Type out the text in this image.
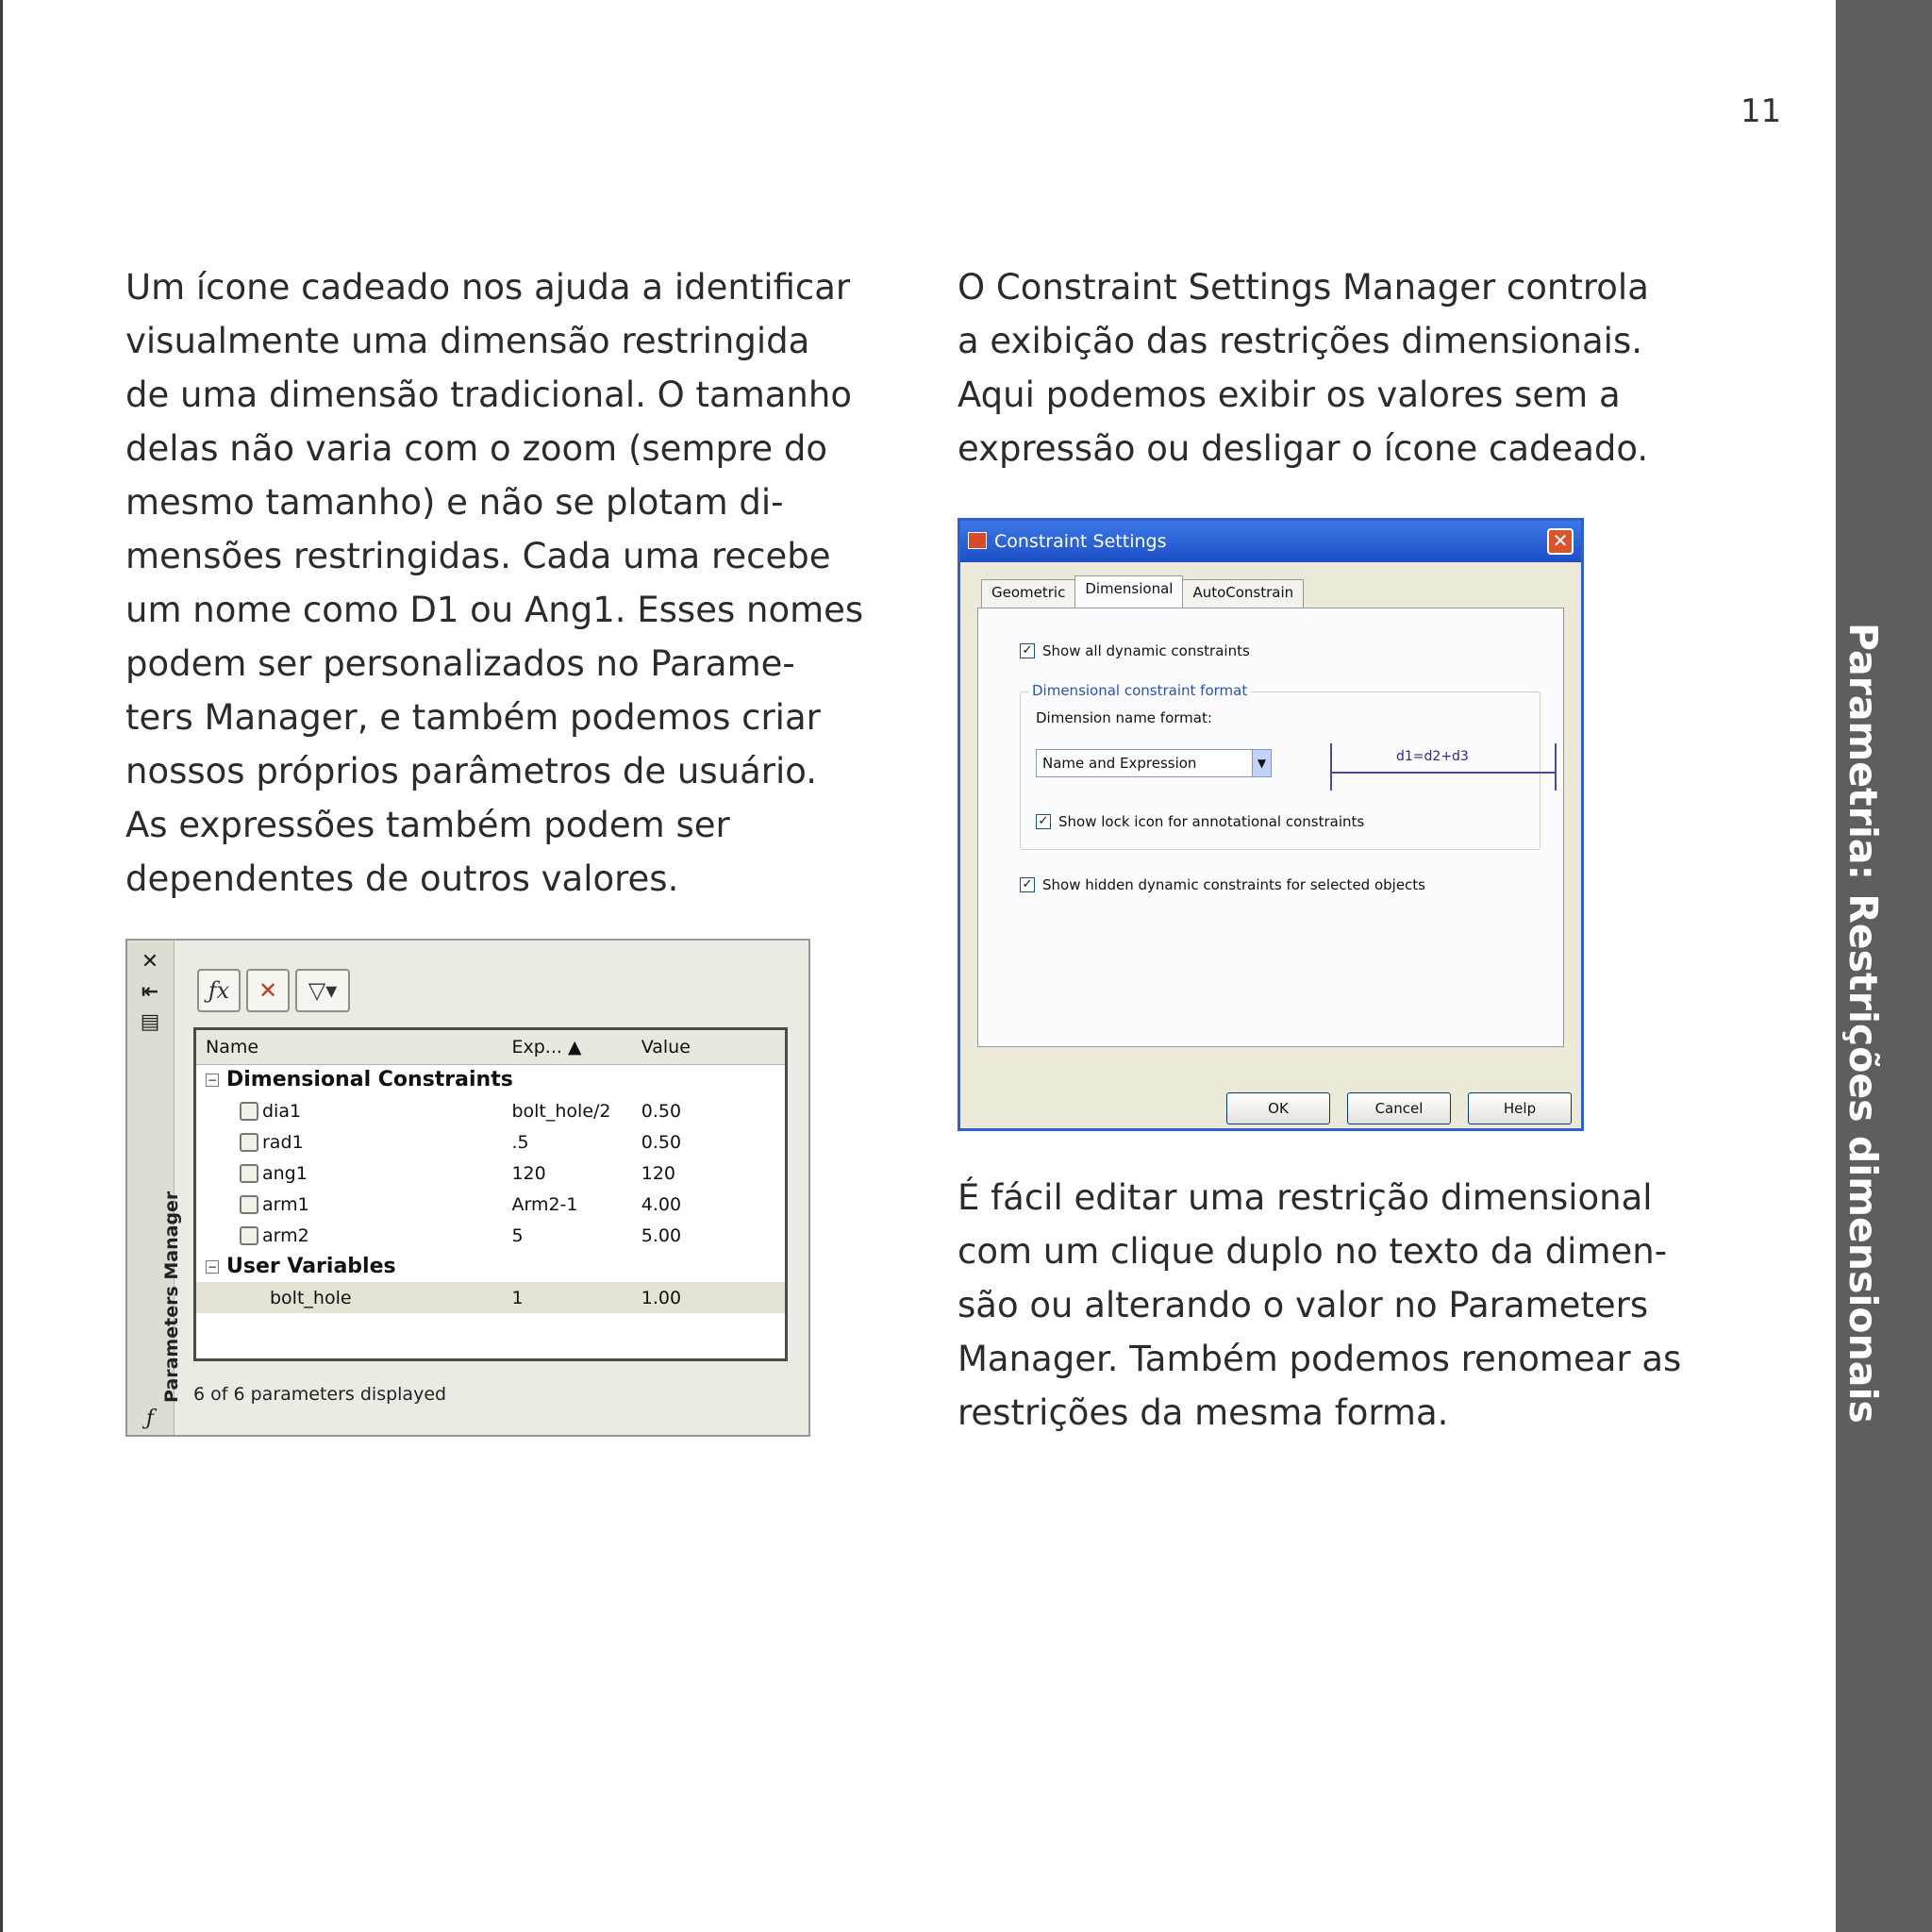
11
Parametria: Restrições dimensionais
Um ícone cadeado nos ajuda a identificar
visualmente uma dimensão restringida
de uma dimensão tradicional. O tamanho
delas não varia com o zoom (sempre do
mesmo tamanho) e não se plotam di-
mensões restringidas. Cada uma recebe
um nome como D1 ou Ang1. Esses nomes
podem ser personalizados no Parame-
ters Manager, e também podemos criar
nossos próprios parâmetros de usuário.
As expressões também podem ser
dependentes de outros valores.
O Constraint Settings Manager controla
a exibição das restrições dimensionais.
Aqui podemos exibir os valores sem a
expressão ou desligar o ícone cadeado.
É fácil editar uma restrição dimensional
com um clique duplo no texto da dimen-
são ou alterando o valor no Parameters
Manager. Também podemos renomear as
restrições da mesma forma.
✕
⇤
▤
Parameters Manager
ƒ
ƒx ✕ ▽▾
Name	Exp... ▲	Value
− Dimensional Constraints		
dia1	bolt_hole/2	0.50
rad1	.5	0.50
ang1	120	120
arm1	Arm2-1	4.00
arm2	5	5.00
− User Variables		
bolt_hole	1	1.00
6 of 6 parameters displayed
Constraint Settings	✕
Geometric	Dimensional	AutoConstrain
✓ Show all dynamic constraints
Dimensional constraint format
Dimension name format:
Name and Expression	▼	d1=d2+d3
✓ Show lock icon for annotational constraints
✓ Show hidden dynamic constraints for selected objects
OK	Cancel	Help
